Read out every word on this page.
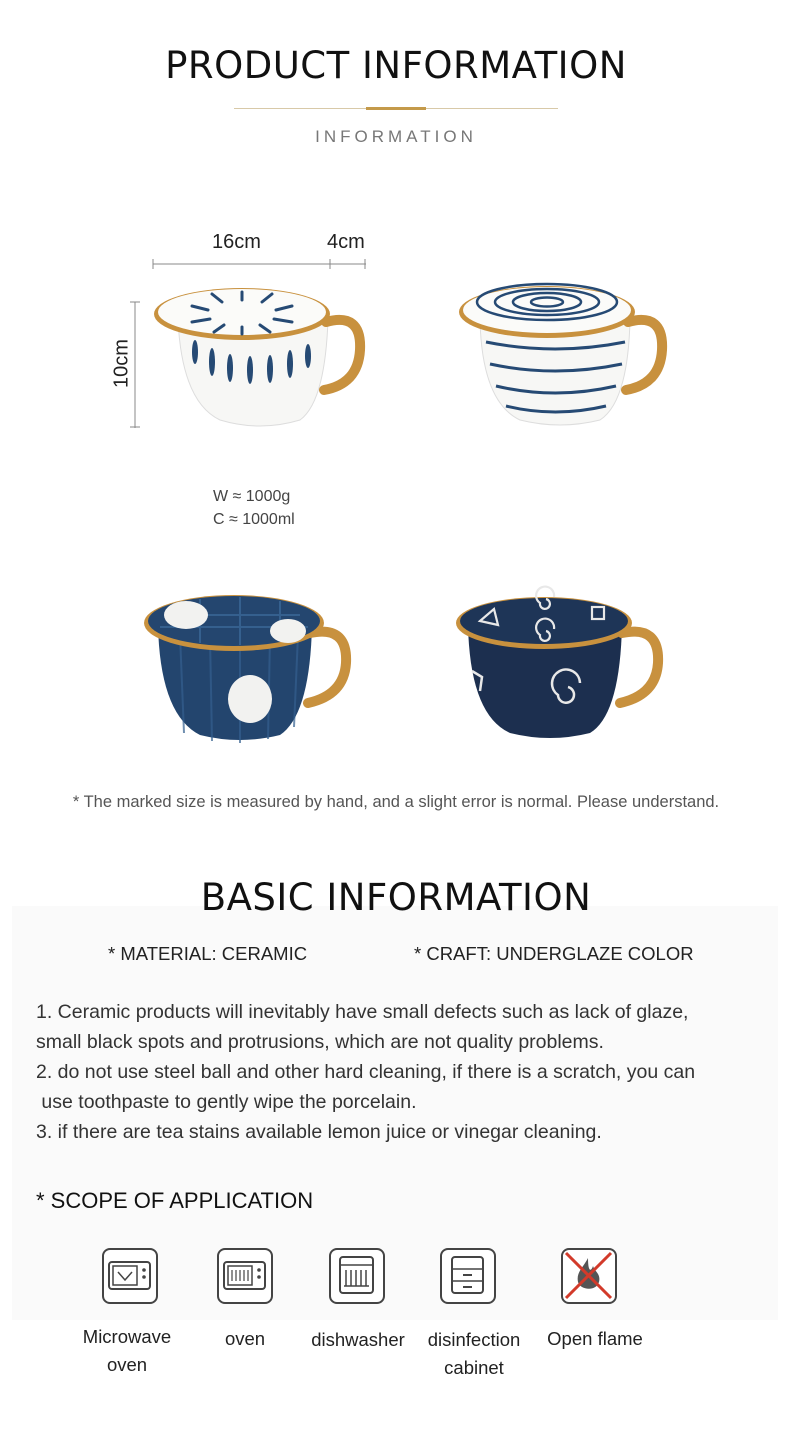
PRODUCT INFORMATION
INFORMATION
16cm	4cm
10cm
W ≈ 1000g
C ≈ 1000ml
* The marked size is measured by hand, and a slight error is normal. Please understand.
BASIC INFORMATION
* MATERIAL: CERAMIC	* CRAFT: UNDERGLAZE COLOR
1. Ceramic products will inevitably have small defects such as lack of glaze,
small black spots and protrusions, which are not quality problems.
2. do not use steel ball and other hard cleaning, if there is a scratch, you can
use toothpaste to gently wipe the porcelain.
3. if there are tea stains available lemon juice or vinegar cleaning.
* SCOPE OF APPLICATION
Microwave
oven
oven	dishwasher	disinfection
cabinet
Open flame
